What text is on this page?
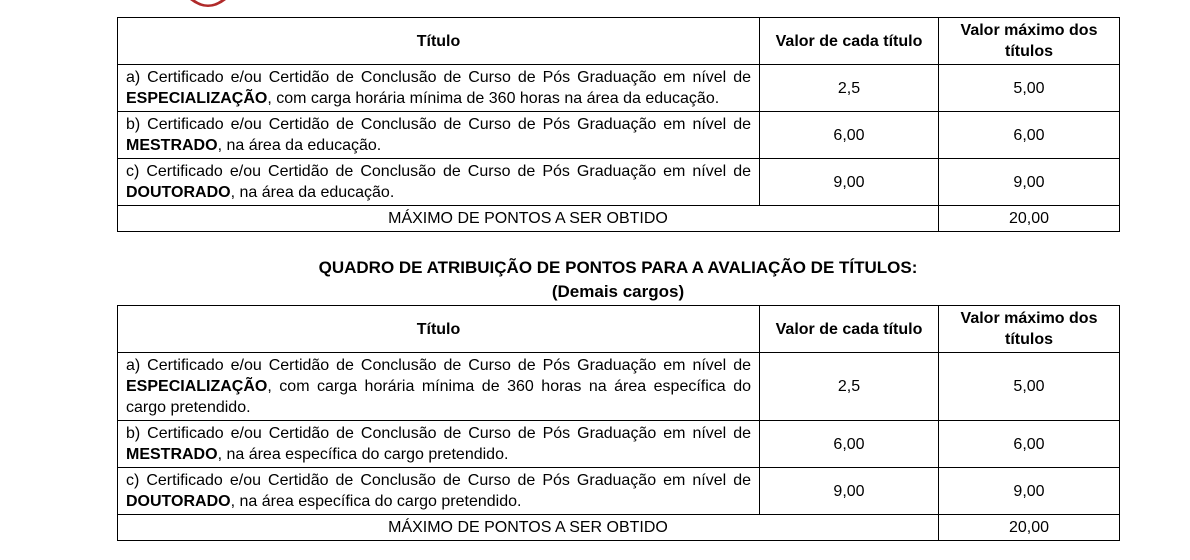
Título	Valor de cada título	Valor máximo dos títulos
a) Certificado e/ou Certidão de Conclusão de Curso de Pós Graduação em nível de ESPECIALIZAÇÃO, com carga horária mínima de 360 horas na área da educação.	2,5	5,00
b) Certificado e/ou Certidão de Conclusão de Curso de Pós Graduação em nível de MESTRADO, na área da educação.	6,00	6,00
c) Certificado e/ou Certidão de Conclusão de Curso de Pós Graduação em nível de DOUTORADO, na área da educação.	9,00	9,00
MÁXIMO DE PONTOS A SER OBTIDO		20,00
QUADRO DE ATRIBUIÇÃO DE PONTOS PARA A AVALIAÇÃO DE TÍTULOS:
(Demais cargos)
Título	Valor de cada título	Valor máximo dos títulos
a) Certificado e/ou Certidão de Conclusão de Curso de Pós Graduação em nível de ESPECIALIZAÇÃO, com carga horária mínima de 360 horas na área específica do cargo pretendido.	2,5	5,00
b) Certificado e/ou Certidão de Conclusão de Curso de Pós Graduação em nível de MESTRADO, na área específica do cargo pretendido.	6,00	6,00
c) Certificado e/ou Certidão de Conclusão de Curso de Pós Graduação em nível de DOUTORADO, na área específica do cargo pretendido.	9,00	9,00
MÁXIMO DE PONTOS A SER OBTIDO		20,00
